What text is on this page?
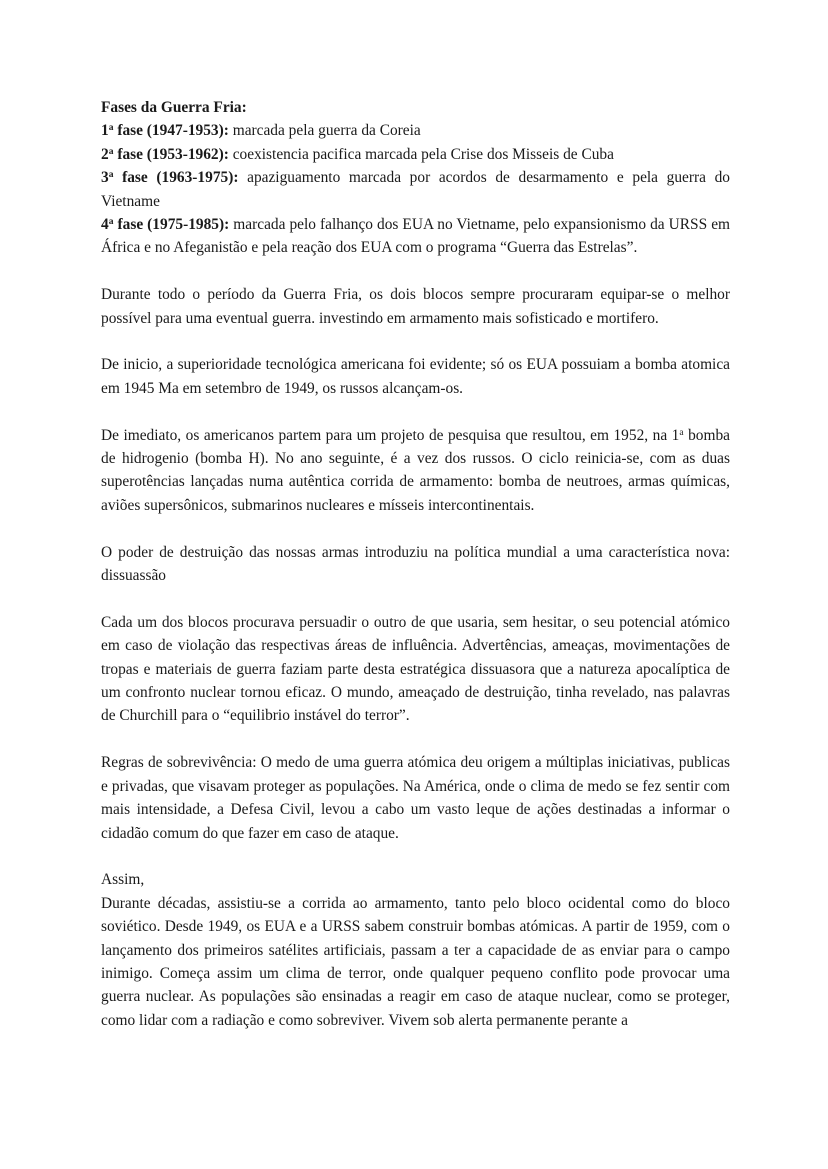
Fases da Guerra Fria:

1$^a$ fase (1947-1953): marcada pela guerra da Coreia

2$^a$ fase (1953-1962): coexistencia pacifica marcada pela Crise dos Misseis de Cuba

3$^a$ fase (1963-1975): apaziguamento marcada por acordos de desarmamento e pela guerra do Vietname

4$^a$ fase (1975-1985): marcada pelo falhanço dos EUA no Vietname, pelo expansionismo da URSS em África e no Afeganistão e pela reação dos EUA com o programa “Guerra das Estrelas”.

Durante todo o período da Guerra Fria, os dois blocos sempre procuraram equipar-se o melhor possível para uma eventual guerra. investindo em armamento mais sofisticado e mortifero.

De inicio, a superioridade tecnológica americana foi evidente; só os EUA possuiam a bomba atomica em 1945 Ma em setembro de 1949, os russos alcançam-os.

De imediato, os americanos partem para um projeto de pesquisa que resultou, em 1952, na 1$^a$ bomba de hidrogenio (bomba H). No ano seguinte, é a vez dos russos. O ciclo reinicia-se, com as duas superotências lançadas numa autêntica corrida de armamento: bomba de neutroes, armas químicas, aviões supersônicos, submarinos nucleares e mísseis intercontinentais.

O poder de destruição das nossas armas introduziu na política mundial a uma característica nova: dissuassão

Cada um dos blocos procurava persuadir o outro de que usaria, sem hesitar, o seu potencial atómico em caso de violação das respectivas áreas de influência. Advertências, ameaças, movimentações de tropas e materiais de guerra faziam parte desta estratégica dissuasora que a natureza apocalíptica de um confronto nuclear tornou eficaz. O mundo, ameaçado de destruição, tinha revelado, nas palavras de Churchill para o “equilibrio instável do terror”.

Regras de sobrevivência: O medo de uma guerra atómica deu origem a múltiplas iniciativas, publicas e privadas, que visavam proteger as populações. Na América, onde o clima de medo se fez sentir com mais intensidade, a Defesa Civil, levou a cabo um vasto leque de ações destinadas a informar o cidadão comum do que fazer em caso de ataque.

Assim,

Durante décadas, assistiu-se a corrida ao armamento, tanto pelo bloco ocidental como do bloco soviético. Desde 1949, os EUA e a URSS sabem construir bombas atómicas. A partir de 1959, com o lançamento dos primeiros satélites artificiais, passam a ter a capacidade de as enviar para o campo inimigo. Começa assim um clima de terror, onde qualquer pequeno conflito pode provocar uma guerra nuclear. As populações são ensinadas a reagir em caso de ataque nuclear, como se proteger, como lidar com a radiação e como sobreviver. Vivem sob alerta permanente perante a
